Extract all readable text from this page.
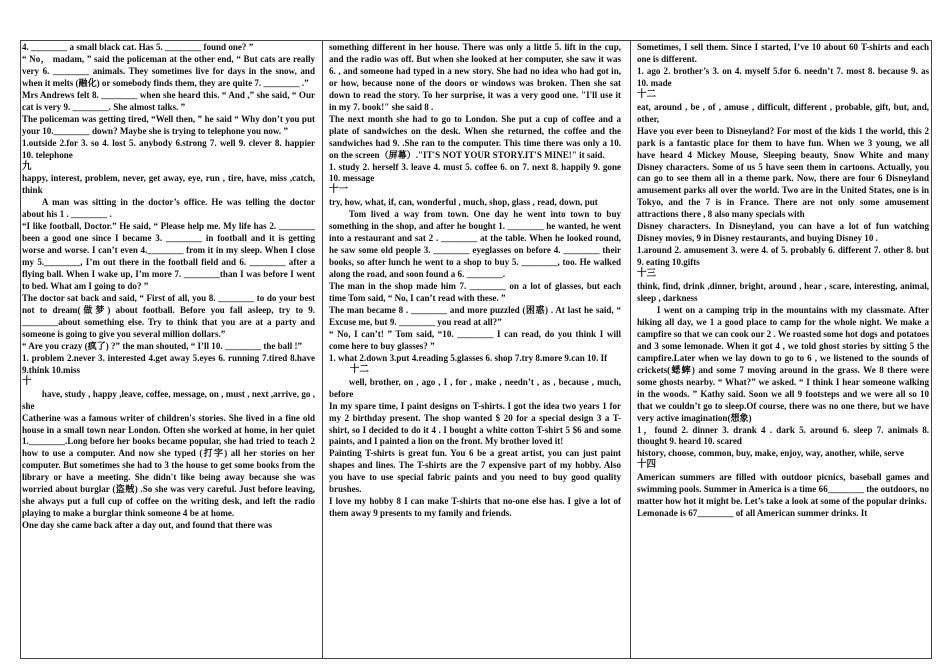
4. ________ a small black cat. Has 5. ________ found one? ”

“ No， madam, ” said the policeman at the other end, “ But cats are really very 6. ________ animals. They sometimes live for days in the snow, and when it melts (融化) or somebody finds them, they are quite 7. ________ .”

Mrs Andrews felt 8. ________ when she heard this. “ And ,” she said, “ Our cat is very 9. ________. She almost talks. ”

The policeman was getting tired, “Well then, ” he said “ Why don’t you put your 10.________ down? Maybe she is trying to telephone you now. ”

1.outside 2.for 3. so 4. lost 5. anybody 6.strong 7. well 9. clever 8. happier 10. telephone

九

happy, interest, problem, never, get away, eye, run , tire, have, miss ,catch, think

A man was sitting in the doctor’s office. He was telling the doctor about his 1 . ________ .

“I like football, Doctor.” He said, “ Please help me. My life has 2. ________ been a good one since I became 3. ________ in football and it is getting worse and worse. I can’t even 4.________ from it in my sleep. When I close my 5.________, I’m out there in the football field and 6. ________ after a flying ball. When I wake up, I’m more 7. ________than I was before I went to bed. What am I going to do? ”

The doctor sat back and said, “ First of all, you 8. ________ to do your best not to dream(做梦) about football. Before you fall asleep, try to 9. ________about something else. Try to think that you are at a party and someone is going to give you several million dollars.”

“ Are you crazy (疯了) ?” the man shouted, “ I’ll 10. ________ the ball !”

1. problem 2.never 3. interested 4.get away 5.eyes 6. running 7.tired 8.have 9.think 10.miss

十

have, study , happy ,leave, coffee, message, on , must , next ,arrive, go , she

Catherine was a famous writer of children's stories. She lived in a fine old house in a small town near London. Often she worked at home, in her quiet 1.________.Long before her books became popular, she had tried to teach 2 how to use a computer. And now she typed (打字) all her stories on her computer. But sometimes she had to 3 the house to get some books from the library or have a meeting. She didn't like being away because she was worried about burglar (盗贼) .So she was very careful. Just before leaving, she always put a full cup of coffee on the writing desk, and left the radio playing to make a burglar think someone 4 be at home.

One day she came back after a day out, and found that there was

something different in her house. There was only a little 5. lift in the cup, and the radio was off. But when she looked at her computer, she saw it was 6. , and someone had typed in a new story. She had no idea who had got in, or how, because none of the doors or windows was broken. Then she sat down to read the story. To her surprise, it was a very good one. "I'll use it in my 7. book!" she said 8 .

The next month she had to go to London. She put a cup of coffee and a plate of sandwiches on the desk. When she returned, the coffee and the sandwiches had 9. .She ran to the computer. This time there was only a 10. on the screen（屏幕）."IT'S NOT YOUR STORY.IT'S MINE!" it said.

1. study 2. herself 3. leave 4. must 5. coffee 6. on 7. next 8. happily 9. gone 10. message

十一

try, how, what, if, can, wonderful , much, shop, glass , read, down, put

Tom lived a way from town. One day he went into town to buy something in the shop, and after he bought 1. ________ he wanted, he went into a restaurant and sat 2 . ________ at the table. When he looked round, he saw some old people 3. ________ eyeglasses on before 4. ________ their books, so after lunch he went to a shop to buy 5. ________, too. He walked along the road, and soon found a 6. ________.

The man in the shop made him 7. ________ on a lot of glasses, but each time Tom said, “ No, I can’t read with these. ”

The man became 8 . ________ and more puzzled (困惑) . At last he said, “ Excuse me, but 9. ________ you read at all?”

“ No, I can’t! ” Tom said, “10. ________ I can read, do you think I will come here to buy glasses? ”

1. what 2.down 3.put 4.reading 5.glasses 6. shop 7.try 8.more 9.can 10. If

十二

well, brother, on , ago , I , for , make , needn’t , as , because , much, before

In my spare time, I paint designs on T-shirts. I got the idea two years 1 for my 2 birthday present. The shop wanted $ 20 for a special design 3 a T-shirt, so I decided to do it 4 . I bought a white cotton T-shirt 5 $6 and some paints, and I painted a lion on the front. My brother loved it!

Painting T-shirts is great fun. You 6 be a great artist, you can just paint shapes and lines. The T-shirts are the 7 expensive part of my hobby. Also you have to use special fabric paints and you need to buy good quality brushes.

I love my hobby 8 I can make T-shirts that no-one else has. I give a lot of them away 9 presents to my family and friends.

Sometimes, I sell them. Since I started, I’ve 10 about 60 T-shirts and each one is different.

1. ago 2. brother’s 3. on 4. myself 5.for 6. needn’t 7. most 8. because 9. as 10. made

十二

eat, around , be , of , amuse , difficult, different , probable, gift, but, and, other,

Have you ever been to Disneyland? For most of the kids 1 the world, this 2 park is a fantastic place for them to have fun. When we 3 young, we all have heard 4 Mickey Mouse, Sleeping beauty, Snow White and many Disney characters. Some of us 5 have seen them in cartoons. Actually, you can go to see them all in a theme park. Now, there are four 6 Disneyland amusement parks all over the world. Two are in the United States, one is in Tokyo, and the 7 is in France. There are not only some amusement attractions there , 8 also many specials with

Disney characters. In Disneyland, you can have a lot of fun watching Disney movies, 9 in Disney restaurants, and buying Disney 10 .

1.around 2. amusement 3. were 4. of 5. probably 6. different 7. other 8. but 9. eating 10.gifts

十三

think, find, drink ,dinner, bright, around , hear , scare, interesting, animal, sleep , darkness

I went on a camping trip in the mountains with my classmate. After hiking all day, we 1 a good place to camp for the whole night. We make a campfire so that we can cook our 2 . We roasted some hot dogs and potatoes and 3 some lemonade. When it got 4 , we told ghost stories by sitting 5 the campfire.Later when we lay down to go to 6 , we listened to the sounds of crickets(蟋蟀) and some 7 moving around in the grass. We 8 there were some ghosts nearby. “ What?” we asked. “ I think I hear someone walking in the woods. ” Kathy said. Soon we all 9 footsteps and we were all so 10 that we couldn’t go to sleep.Of course, there was no one there, but we have very active imagination(想象)

1，found 2. dinner 3. drank 4 . dark 5. around 6. sleep 7. animals 8. thought 9. heard 10. scared

history, choose, common, buy, make, enjoy, way, another, while, serve

十四

American summers are filled with outdoor picnics, baseball games and swimming pools. Summer in America is a time 66________ the outdoors, no matter how hot it might be. Let’s take a look at some of the popular drinks.

Lemonade is 67________ of all American summer drinks. It
